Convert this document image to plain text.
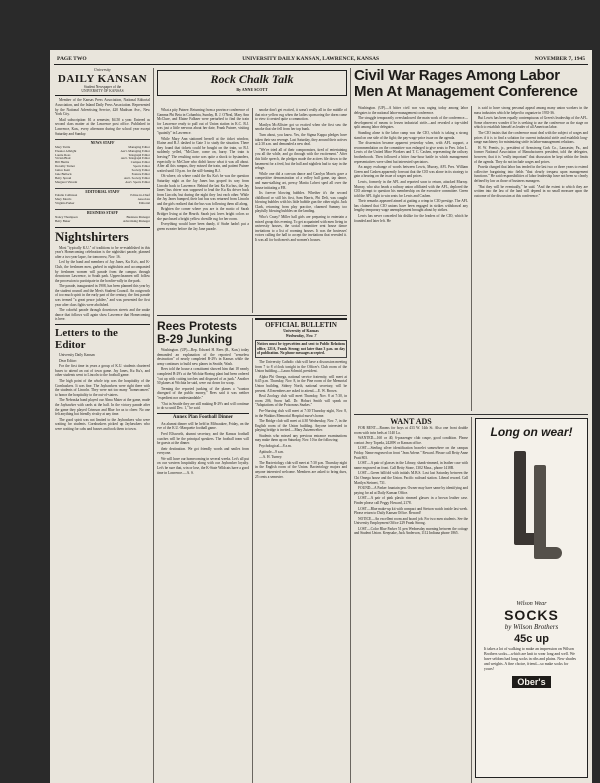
PAGE TWO	UNIVERSITY DAILY KANSAN, LAWRENCE, KANSAS	NOVEMBER 7, 1945
University
DAILY KANSAN
Student Newspaper of the
UNIVERSITY OF KANSAS

Member of the Kansas Press Association, National Editorial Association, and the Inland Daily Press Association. Represented by the National Advertising Service, 420 Madison Ave., New York City.

Mail subscription: $1 a semester, $4.50 a year. Entered as second class matter at the Lawrence post office. Published in Lawrence, Kan., every afternoon during the school year except Saturday and Sunday.

NEWS STAFF
Mary Tuttle	Managing Editor
Eleanor Albright	Ass't. Managing Editor
Laurie Ross	Telegraph Editor
Vivian Blair	Ass't. Telegraph Editor
Bill Harms	Campus Editor
Dorothy Turner	Sports Editor
Janice Kent	Society Editor
Jane Bullock	Feature Editor
Betty Sproul	Ass't. Society Editor
Margaret Vincent	Ass't. Sports Editor
EDITORIAL STAFF
Eulalie Collinson	Editor-in-Chief
Mary Morris	Associate
Virginia Parker	Editorial
BUSINESS STAFF
Nancy Thompson	Business Manager
Betty Baker	Advertising Manager
Nightshirters

Most "typically K.U." of traditions to be re-established in this year's Homecoming celebration is the nightshirt parade, planned after a two year lapse, for tomorrow, Nov. 16.

Led by the band and members of Jay Janes, Ku Ku's, and K-Club, the freshmen men, garbed in nightshirts and accompanied by freshmen women will parade from the campus through downtown Lawrence, to South park. Upperclassmen will follow the procession to participate in the bonfire-rally in the park.

The parade, inaugurated in 1908, has been planned this year by the student council and the Men's Student Council. An outgrowth of too much spirit in the early part of the century, the first parade was termed "a great peace jubilee," and was presented the first year after class fights were abolished.

The colorful parade through downtown streets and the snake dance that follows will again show Lawrence that Homecoming is here.

Letters to the Editor

University Daily Kansan

Dear Editor:

For the first time in years a group of K.U. students chartered buses to attend an out of town game. Jay Janes, Ku Ku's, and other students went to Lincoln to the football game.

The high point of the whole trip was the hospitality of the Cornhuskers. It was fine. The Jayhawkers were right there with the students of Lincoln. They were not too many "homecomers" to honor the hospitality to the out-of-staters.

The Nebraska band played our Alma Mater at the game, made the Jayhawker with cards at the half. In the victory parade after the game they played Crimson and Blue for us to cheer. No one felt anything but friendly rivalry at any time.

The good spirit was not limited to the Jayhawkers who were waiting for students. Cornhuskers picked up Jayhawkers who were waiting for cabs and busses and took them to town.

Rock Chalk Talk
By ANNE SCOTT

What a pity Putnee. Returning from a province conference of Gamma Phi Beta in Columbia, Sunday, B. J. O'Neal, Mary Ann McClure, and Elaine Falkner were perturbed to find the train for Lawrence ready to pull out of Union station in K.C. B.J. was just a little nervous about her date, Frank Putnee, visiting "quaintly" in Lawrence.

While Mary Ann stationed herself at the ticket window, Elaine and B.J. dashed to Gate 3 to study the situation. There they found that tickets could be bought on the train, so B.J. suddenly yelled, "McClure, come on, hurry. The train is leaving!" The resulting noise was quite a shock to bystanders, especially to McClure who didn't know what it was all about. After all this rumpus, they missed the train, and patient Putnee waited until 10 p.m. for the still-fuming B.J.

Oh where, oh where could the Ku Ku's be was the question Saturday night as the Jay Janes bus groped its way from Lincoln back to Lawrence. Behind the last Ku Ku bus, the Jay Janes' bus driver was supposed to lead the Ku Ku driver back from Lincoln, but during the night they lost each other. While the Jay Janes bumped, their last bus was returned from Lincoln and the girls realized that the bus was following them all along.

Brighten the corner where you are is the motto of Sarah Bridger living at the Hearth. Sarah just loves bright colors so she purchased a bright yellow chenille rug for her room.

Everything would have been dandy, if Stube hadn't put a green sweater before the Jay Jane parade.

smoke don't get excited, it wasn't really all in the middle of that nice yellow rug when the ladies sponsoring the dorm came to view it created quite a commotion.

Marilyn McAllister got so excited when she first saw the smoke that she fell from her top bunk.

Turn about, you know. Yes, the Sigma Kappa pledges have taken their sea revenge. Last Saturday, they around their actives at 2:30 a.m. and demanded a new deal.

"We've tried all of their compromises, tired of entertaining you all the while, and go through with the excitement." After this little speech, the pledges made the actives file down to the basement for a feed, but the hall and nightlets had to stay in the refuge.

While one did a can-can dance and Carolyn Morris gave a competitive demonstration of a volley ball game, tap dance, and man-stalking art, pressy Marita Lobert sped all over the house initiating a P.R.

Its forever blowing bubbles. Whether it's the second childhood or still his first, Sam Harris, Phi Delt, was caught blowing bubbles with his little bubble gun the other night. Jack Clark, returning from play practice, charmed Sammy too playfully blowing bubbles on the landing.

Who's Crazy? Miller hall girls are preparing to entertain a mixed group this evening. To get acquainted with men living in university houses, the social committee sent house dance invitations to a list of rooming houses. It was the hostesses' voices calling the hall to accept the invitations that revealed it. It was all for both men's and women's houses.

Rees Protests B-29 Junking

Washington. (UP)—Rep. Edward H. Rees (R., Kan.) today demanded an explanation of the reported "senseless destruction" of nearly completed B-29's in Kansas while the army continues to build new planes in Seattle, Wash.

Rees told the house a constituent showed him that 18 nearly completed B-29's at the Wichita-Boeing plant had been ordered "cut up with cutting torches and disposed of as junk." Another 50 planes at Wichita he said, were cut down for scrap.

Terming the reported junking of the planes a "wanton disregard of the public money," Rees said it was neither "expedient nor understandable."

"Out in Seattle they are still making B-29's and will continue to do so until Dec. 1," he said.

Annex Plan Football Dinner

An alumni dinner will be held in Milwaukee, Friday, on the eve of the K.U.-Marquette football game.

Fred Ellsworth, alumni secretary, and the Kansas football coaches will be the principal speakers. The football team will be guests at the dinner.

their destination. We got friendly words and smiles from everyone.

We will have our homecoming in several weeks. Let's all put on our western hospitality along with our Jayhawker loyalty. Let's be sure that, win or lose, the K-State Wildcats have a good time in Lawrence.—A. S.

OFFICIAL BULLETIN
University of Kansas
Wednesday, Nov. 7
Notices must be typewritten and sent to Public Relations office, 221A, Frank Strong; not later than 3 p.m. on day of publication. No phone messages accepted.

The University Catholic club will have a discussion meeting from 7 to 8 o'clock tonight in the Officer's Club room of the Union building.—Laura Schmid, president.

Alpha Phi Omega, national service fraternity, will meet at 6:45 p.m. Thursday, Nov. 8, in the Pine room of the Memorial Union building. Sidney North, national secretary, will be present. All members are asked to attend.—E. W. Brown.

Beal Zoology club will meet Thursday, Nov. 8 at 7:30, in room 206, Snow hall. Dr. Hobart Smith will speak on "Adaptations of the Poisonous Snakes."

Pre-Nursing club will meet at 7:30 Thursday night, Nov. 8, in the Watkins Memorial Hospital nurse's home.

The Bridge club will meet at 4:30 Wednesday, Nov. 7, in the English room of the Union building. Anyone interested in playing bridge is invited.—Mary Zutzenwelter.

Students who missed any previous entrance examinations may make them up on Saturday, Nov. 10 in the following:

Psychological—8 a.m.

Aptitude—9 a.m.

—A. H. Turney.

The Bacteriology club will meet at 7:30 p.m. Thursday night in the English room of the Union. Bacteriology majors and anyone interested welcome. Members are asked to bring dues, 25 cents a semester.

Civil War Rages Among Labor Men At Management Conference

Washington. (UP)—A bitter civil war was raging today among labor delegates to the national labor-management conference.

The struggle temporarily overshadowed the main work of the conference—development of means to lessen industrial strife—and revealed a top-sided split among labor delegates.

Standing alone is the labor camp was the CIO, which is taking a strong stand on one side of the fight; the pay-wage-price issue on the agenda.

The dissension became apparent yesterday when, with AFL support, a recommendation on the committee was enlarged to give seats to Pres. John L. Lewis of the United Mine Workers and T. C. Cashen, representing the railway brotherhoods. Then followed a bitter four-hour battle in which management representatives were silent but interested spectators.

An angry exchange of words between Lewis, Murray, AFL Pres. William Green and Cashen apparently forecast that the CIO was alone in its strategy to gain a hearing on the issue of wages and prices.

Lewis, formerly in the AFL and reported soon to return, attacked Murray. Murray, who also heads a railway union affiliated with the AFL, deplored the CIO attempt to question his membership on the executive committee. Green told the AFL fight to win seats for Lewis and Cashen.

Their remarks appeared aimed at gutting a crimp in CIO prestige. The AFL has claimed that CIO unions have been engaged in strikes withdrawal any lengthy temporary wage unemployment brought about by strikes.

Lewis has never conceded his dislike for the leaders of the CIO, which he founded and later left. He

is said to have strong personal appeal among many union workers in the mass industries which he helped to organize in 1935-36.

But Lewis has been equally contemptuous of Green's leadership of the AFL. Some observers wonder if he is seeking to use the conference as the stage on which to establish himself as leader of all American labor.

The CIO insists that the conference must deal with the subject of wages and prices if it is to find a solution for current industrial strife and establish long-range machinery for minimizing strife in labor-management relations.

H. W. Prentis, jr., president of Armstrong Cork Co., Lancaster, Pa., and former National Association of Manufacturers president, told the delegates, however, that it is "really important" that discussion be kept within the limits of the agenda. They do not include wages and prices.

Pravda charged that labor has tended in the last two or three years to extend collective bargaining into fields "that clearly trespass upon management functions." He said responsibilities of labor leadership have not been so clearly defined by law as those of business managers.

"But they will be eventually," he said. "And the extent to which they are written into the law of the land will depend in no small measure upon the outcome of the discussion at this conference."

WANT ADS

FOR RENT—Rooms for boys at 433 W. 14th St. Also one front double room with twin beds at 1140 La.

WANTED—160 or 40, 6-passenger club coupe, good condition. Please contact Jerry Topeda, 2428W or Kansan office.

LOST—Sterling silver identification bracelet somewhere on the campus Friday. Name engraved on front "Jean Arlene." Reward. Please call Betty Anne Pratt 803.

LOST—A pair of glasses in the Library, shank-rimmed, in leather case with name engraved on front. Call Betty Stone, 1302 Mass., phone 1418R.

LOST—Green billfold with initials M.B.S. Lost last Saturday between the Chi Omega house and the Union. Pacific railroad station. Liberal reward. Call Marilyn Steinert, 731.

FOUND—A Parker fountain pen. Owner may have same by identifying and paying for ad at Daily Kansan Office.

LOST—A pair of pink plastic rimmed glasses in a brown leather case. Finder please call Peggy Howard, 2178.

LOST—Blue make-up kit with compact and Stetson watch inside last week. Please return to Daily Kansan Office. Reward!

NOTICE—An excellent room and board job. For two men students. See the University Employment Office 229 Frank Strong.

LOST—Color Blue Parker 51 pen Wednesday morning between the cottage and Student Union. Keepsake, Jack Anderson, 1112 Indiana phone 1865.

Long on wear!
Wilson Wear
SOCKS
by Wilson Brothers
45c up
It takes a lot of walking to make an impression on Wilson Brothers socks—which are knit to wear long and well. We have seldom had long socks in ribs and plains. New shades and weights. A fine choice, friend—so make socks for yours!
Ober's
